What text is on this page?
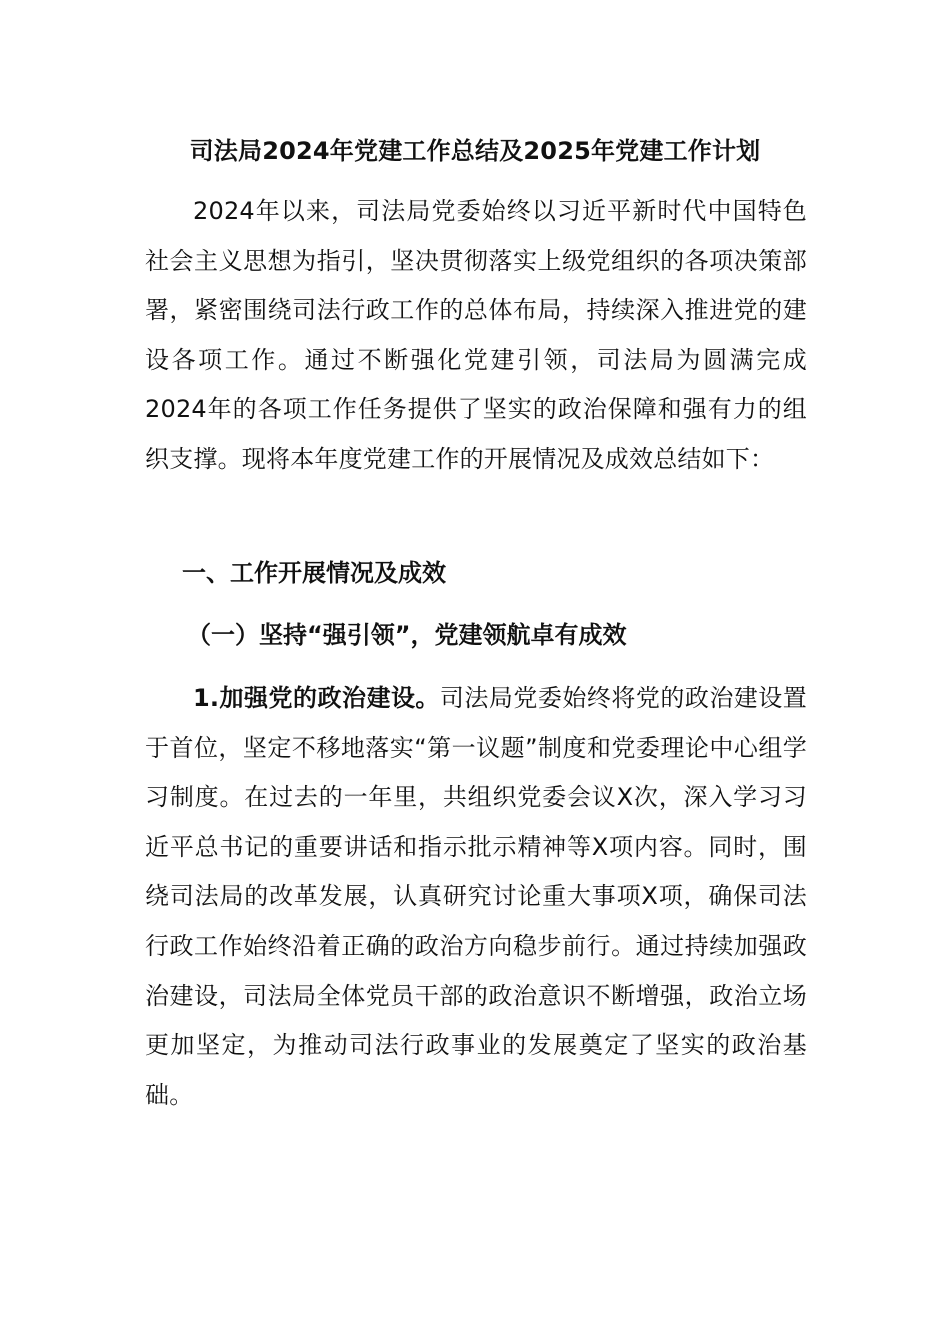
司法局2024年党建工作总结及2025年党建工作计划
2024年以来，司法局党委始终以习近平新时代中国特色社会主义思想为指引，坚决贯彻落实上级党组织的各项决策部署，紧密围绕司法行政工作的总体布局，持续深入推进党的建设各项工作。通过不断强化党建引领，司法局为圆满完成2024年的各项工作任务提供了坚实的政治保障和强有力的组织支撑。现将本年度党建工作的开展情况及成效总结如下：
一、工作开展情况及成效
（一）坚持“强引领”，党建领航卓有成效
1.加强党的政治建设。司法局党委始终将党的政治建设置于首位，坚定不移地落实“第一议题”制度和党委理论中心组学习制度。在过去的一年里，共组织党委会议X次，深入学习习近平总书记的重要讲话和指示批示精神等X项内容。同时，围绕司法局的改革发展，认真研究讨论重大事项X项，确保司法行政工作始终沿着正确的政治方向稳步前行。通过持续加强政治建设，司法局全体党员干部的政治意识不断增强，政治立场更加坚定，为推动司法行政事业的发展奠定了坚实的政治基础。
